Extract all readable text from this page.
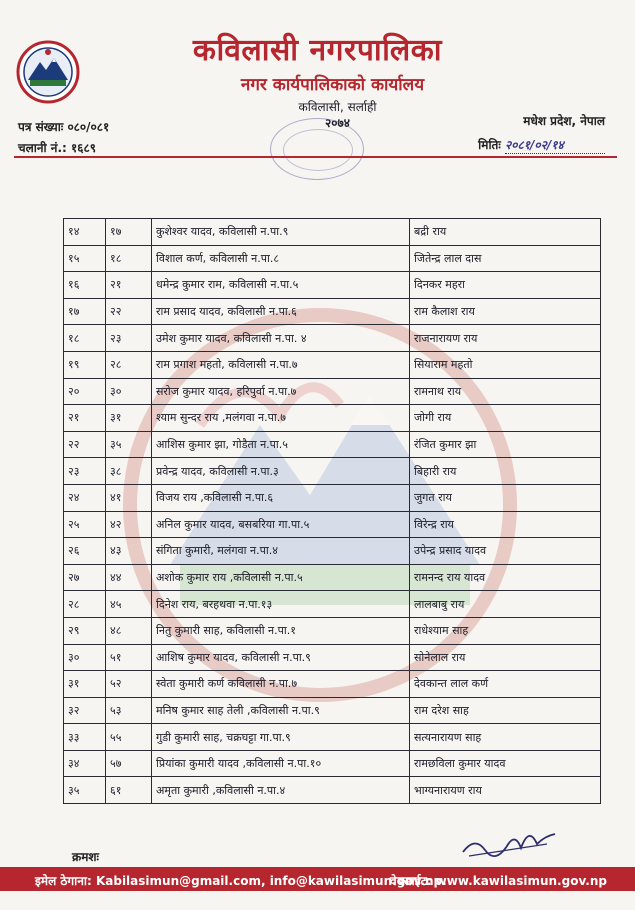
कविलासी नगरपालिका
नगर कार्यपालिकाको कार्यालय
कविलासी, सर्लाही
२०७४
पत्र संख्याः ०८०/०८१
चलानी नं.: १६८९
मधेश प्रदेश, नेपाल
मितिः २०८१/०२/१४
१४	१७	कुशेश्वर यादव, कविलासी न.पा.९	बद्री राय
१५	१८	विशाल कर्ण, कविलासी न.पा.८	जितेन्द्र लाल दास
१६	२१	धमेन्द्र कुमार राम, कविलासी न.पा.५	दिनकर महरा
१७	२२	राम प्रसाद यादव, कविलासी न.पा.६	राम कैलाश राय
१८	२३	उमेश कुमार यादव, कविलासी न.पा. ४	राजनारायण राय
१९	२८	राम प्रगाश महतो, कविलासी न.पा.७	सियाराम महतो
२०	३०	सरोज कुमार यादव, हरिपुर्वा न.पा.७	रामनाथ राय
२१	३१	श्याम सुन्दर राय ,मलंगवा न.पा.७	जोगी राय
२२	३५	आशिस कुमार झा, गोडैता न.पा.५	रंजित कुमार झा
२३	३८	प्रवेन्द्र यादव, कविलासी न.पा.३	बिहारी राय
२४	४१	विजय राय ,कविलासी न.पा.६	जुगत राय
२५	४२	अनिल कुमार यादव, बसबरिया गा.पा.५	विरेन्द्र राय
२६	४३	संगिता कुमारी, मलंगवा न.पा.४	उपेन्द्र प्रसाद यादव
२७	४४	अशोक कुमार राय ,कविलासी न.पा.५	रामनन्द राय यादव
२८	४५	दिनेश राय, बरहथवा न.पा.१३	लालबाबु राय
२९	४८	नितु कुमारी साह, कविलासी न.पा.१	राधेश्याम साह
३०	५१	आशिष कुमार यादव, कविलासी न.पा.९	सोनेलाल राय
३१	५२	स्वेता कुमारी कर्ण कविलासी न.पा.७	देवकान्त लाल कर्ण
३२	५३	मनिष कुमार साह तेली ,कविलासी न.पा.९	राम दरेश साह
३३	५५	गुडी कुमारी साह, चक्रघट्टा गा.पा.९	सत्यनारायण साह
३४	५७	प्रियांका कुमारी यादव ,कविलासी न.पा.१०	रामछविला कुमार यादव
३५	६१	अमृता कुमारी ,कविलासी न.पा.४	भाग्यनारायण राय
क्रमशः
इमेल ठेगाना: Kabilasimun@gmail.com, info@kawilasimun.gov.np.
वेबसाईट: www.kawilasimun.gov.np
